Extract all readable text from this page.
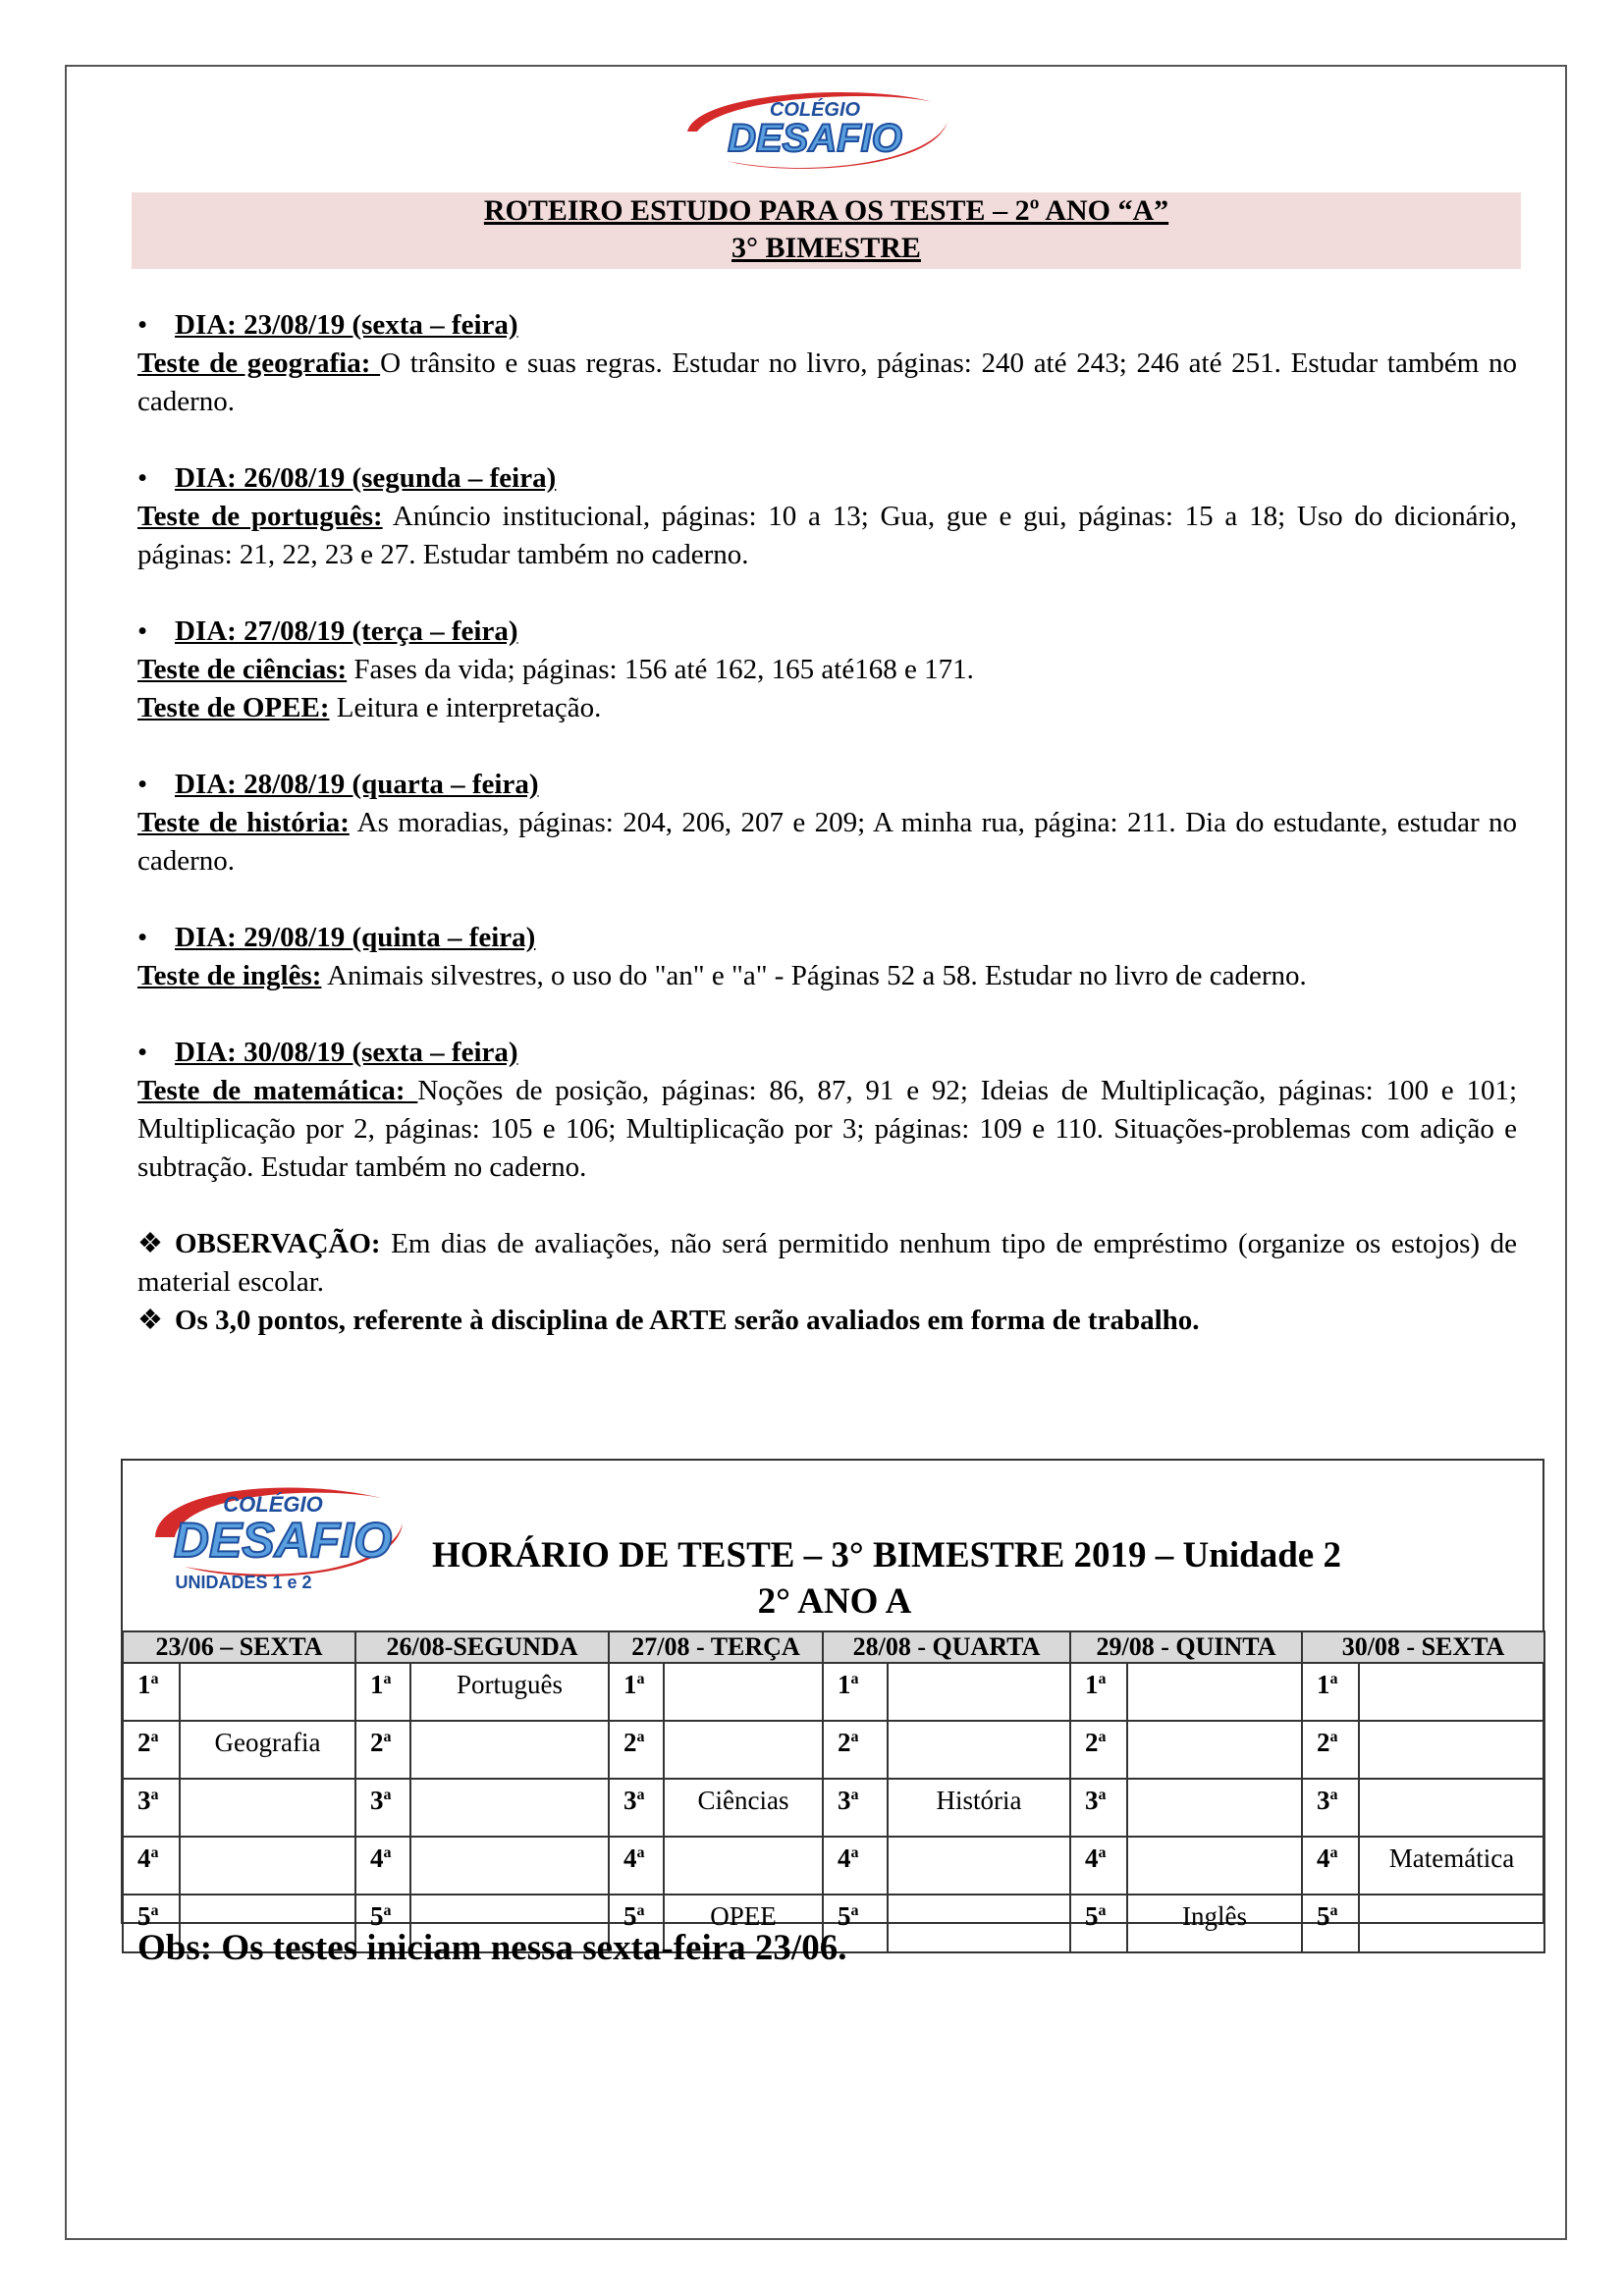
COLÉGIO
DESAFIO
ROTEIRO ESTUDO PARA OS TESTE – 2º ANO “A”
3° BIMESTRE
• DIA: 23/08/19 (sexta – feira)

Teste de geografia: O trânsito e suas regras. Estudar no livro, páginas: 240 até 243; 246 até 251. Estudar também no caderno.

• DIA: 26/08/19 (segunda – feira)

Teste de português: Anúncio institucional, páginas: 10 a 13; Gua, gue e gui, páginas: 15 a 18; Uso do dicionário, páginas: 21, 22, 23 e 27. Estudar também no caderno.

• DIA: 27/08/19 (terça – feira)

Teste de ciências: Fases da vida; páginas: 156 até 162, 165 até168 e 171.

Teste de OPEE: Leitura e interpretação.

• DIA: 28/08/19 (quarta – feira)

Teste de história: As moradias, páginas: 204, 206, 207 e 209; A minha rua, página: 211. Dia do estudante, estudar no caderno.

• DIA: 29/08/19 (quinta – feira)

Teste de inglês: Animais silvestres, o uso do "an" e "a" - Páginas 52 a 58. Estudar no livro de caderno.

• DIA: 30/08/19 (sexta – feira)

Teste de matemática: Noções de posição, páginas: 86, 87, 91 e 92; Ideias de Multiplicação, páginas: 100 e 101; Multiplicação por 2, páginas: 105 e 106; Multiplicação por 3; páginas: 109 e 110. Situações-problemas com adição e subtração. Estudar também no caderno.

❖ OBSERVAÇÃO: Em dias de avaliações, não será permitido nenhum tipo de empréstimo (organize os estojos) de material escolar.

❖ Os 3,0 pontos, referente à disciplina de ARTE serão avaliados em forma de trabalho.

COLÉGIO
DESAFIO
UNIDADES 1 e 2
HORÁRIO DE TESTE – 3° BIMESTRE 2019 – Unidade 2
2° ANO A
23/06 – SEXTA		26/08-SEGUNDA		27/08 - TERÇA		28/08 - QUARTA		29/08 - QUINTA		30/08 - SEXTA	
1$^a$		1$^a$	Português	1$^a$		1$^a$		1$^a$		1$^a$	
2$^a$	Geografia	2$^a$		2$^a$		2$^a$		2$^a$		2$^a$	
3$^a$		3$^a$		3$^a$	Ciências	3$^a$	História	3$^a$		3$^a$	
4$^a$		4$^a$		4$^a$		4$^a$		4$^a$		4$^a$	Matemática
5$^a$		5$^a$		5$^a$	OPEE	5$^a$		5$^a$	Inglês	5$^a$	
Obs: Os testes iniciam nessa sexta-feira 23/06.
